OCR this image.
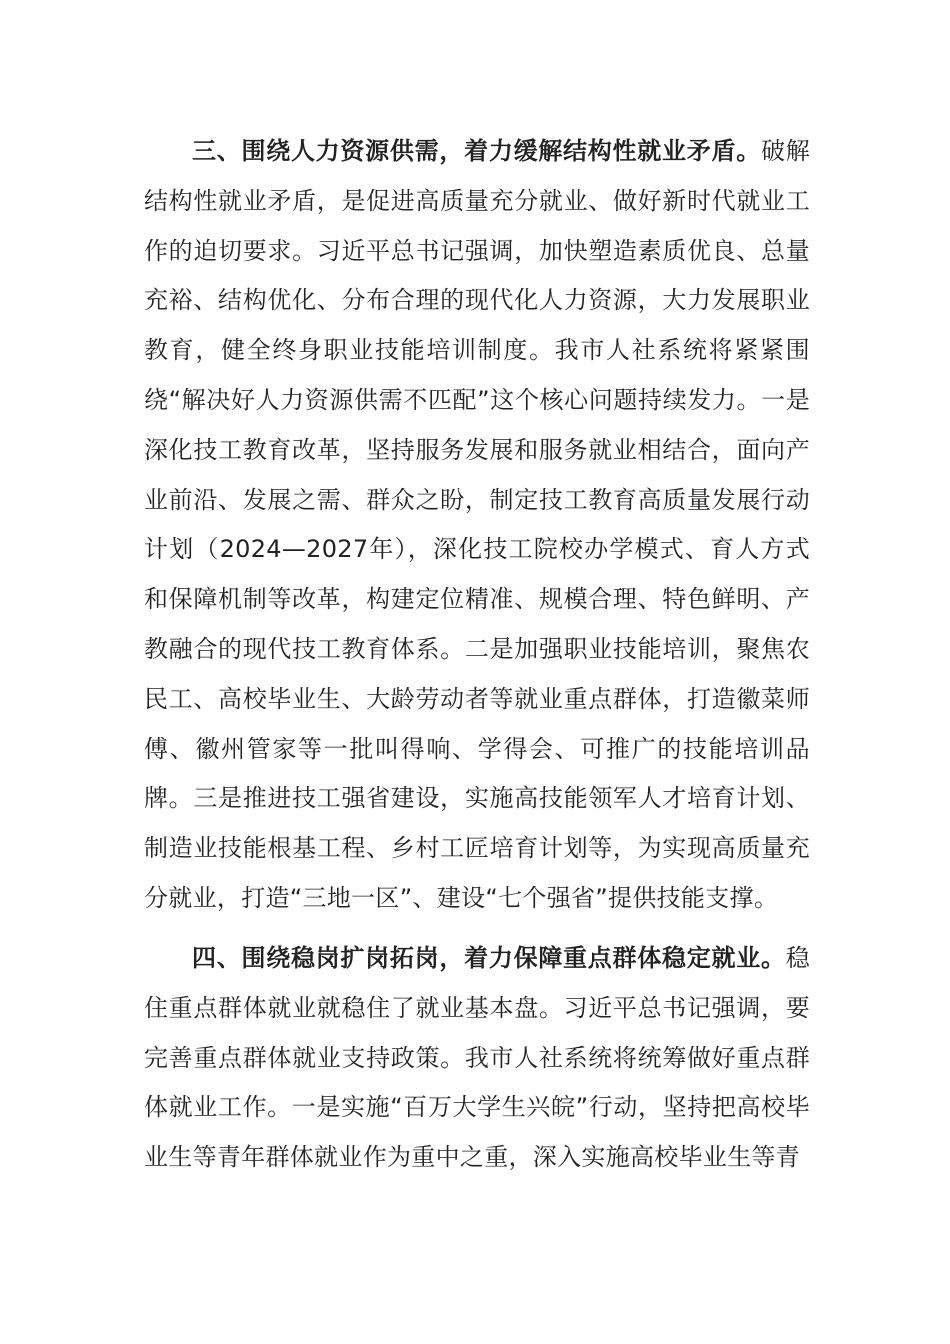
三、围绕人力资源供需，着力缓解结构性就业矛盾。破解结构性就业矛盾，是促进高质量充分就业、做好新时代就业工作的迫切要求。习近平总书记强调，加快塑造素质优良、总量充裕、结构优化、分布合理的现代化人力资源，大力发展职业教育，健全终身职业技能培训制度。我市人社系统将紧紧围绕“解决好人力资源供需不匹配”这个核心问题持续发力。一是深化技工教育改革，坚持服务发展和服务就业相结合，面向产业前沿、发展之需、群众之盼，制定技工教育高质量发展行动计划（2024—2027年），深化技工院校办学模式、育人方式和保障机制等改革，构建定位精准、规模合理、特色鲜明、产教融合的现代技工教育体系。二是加强职业技能培训，聚焦农民工、高校毕业生、大龄劳动者等就业重点群体，打造徽菜师傅、徽州管家等一批叫得响、学得会、可推广的技能培训品牌。三是推进技工强省建设，实施高技能领军人才培育计划、制造业技能根基工程、乡村工匠培育计划等，为实现高质量充分就业，打造“三地一区”、建设“七个强省”提供技能支撑。

四、围绕稳岗扩岗拓岗，着力保障重点群体稳定就业。稳住重点群体就业就稳住了就业基本盘。习近平总书记强调，要完善重点群体就业支持政策。我市人社系统将统筹做好重点群体就业工作。一是实施“百万大学生兴皖”行动，坚持把高校毕业生等青年群体就业作为重中之重，深入实施高校毕业生等青
